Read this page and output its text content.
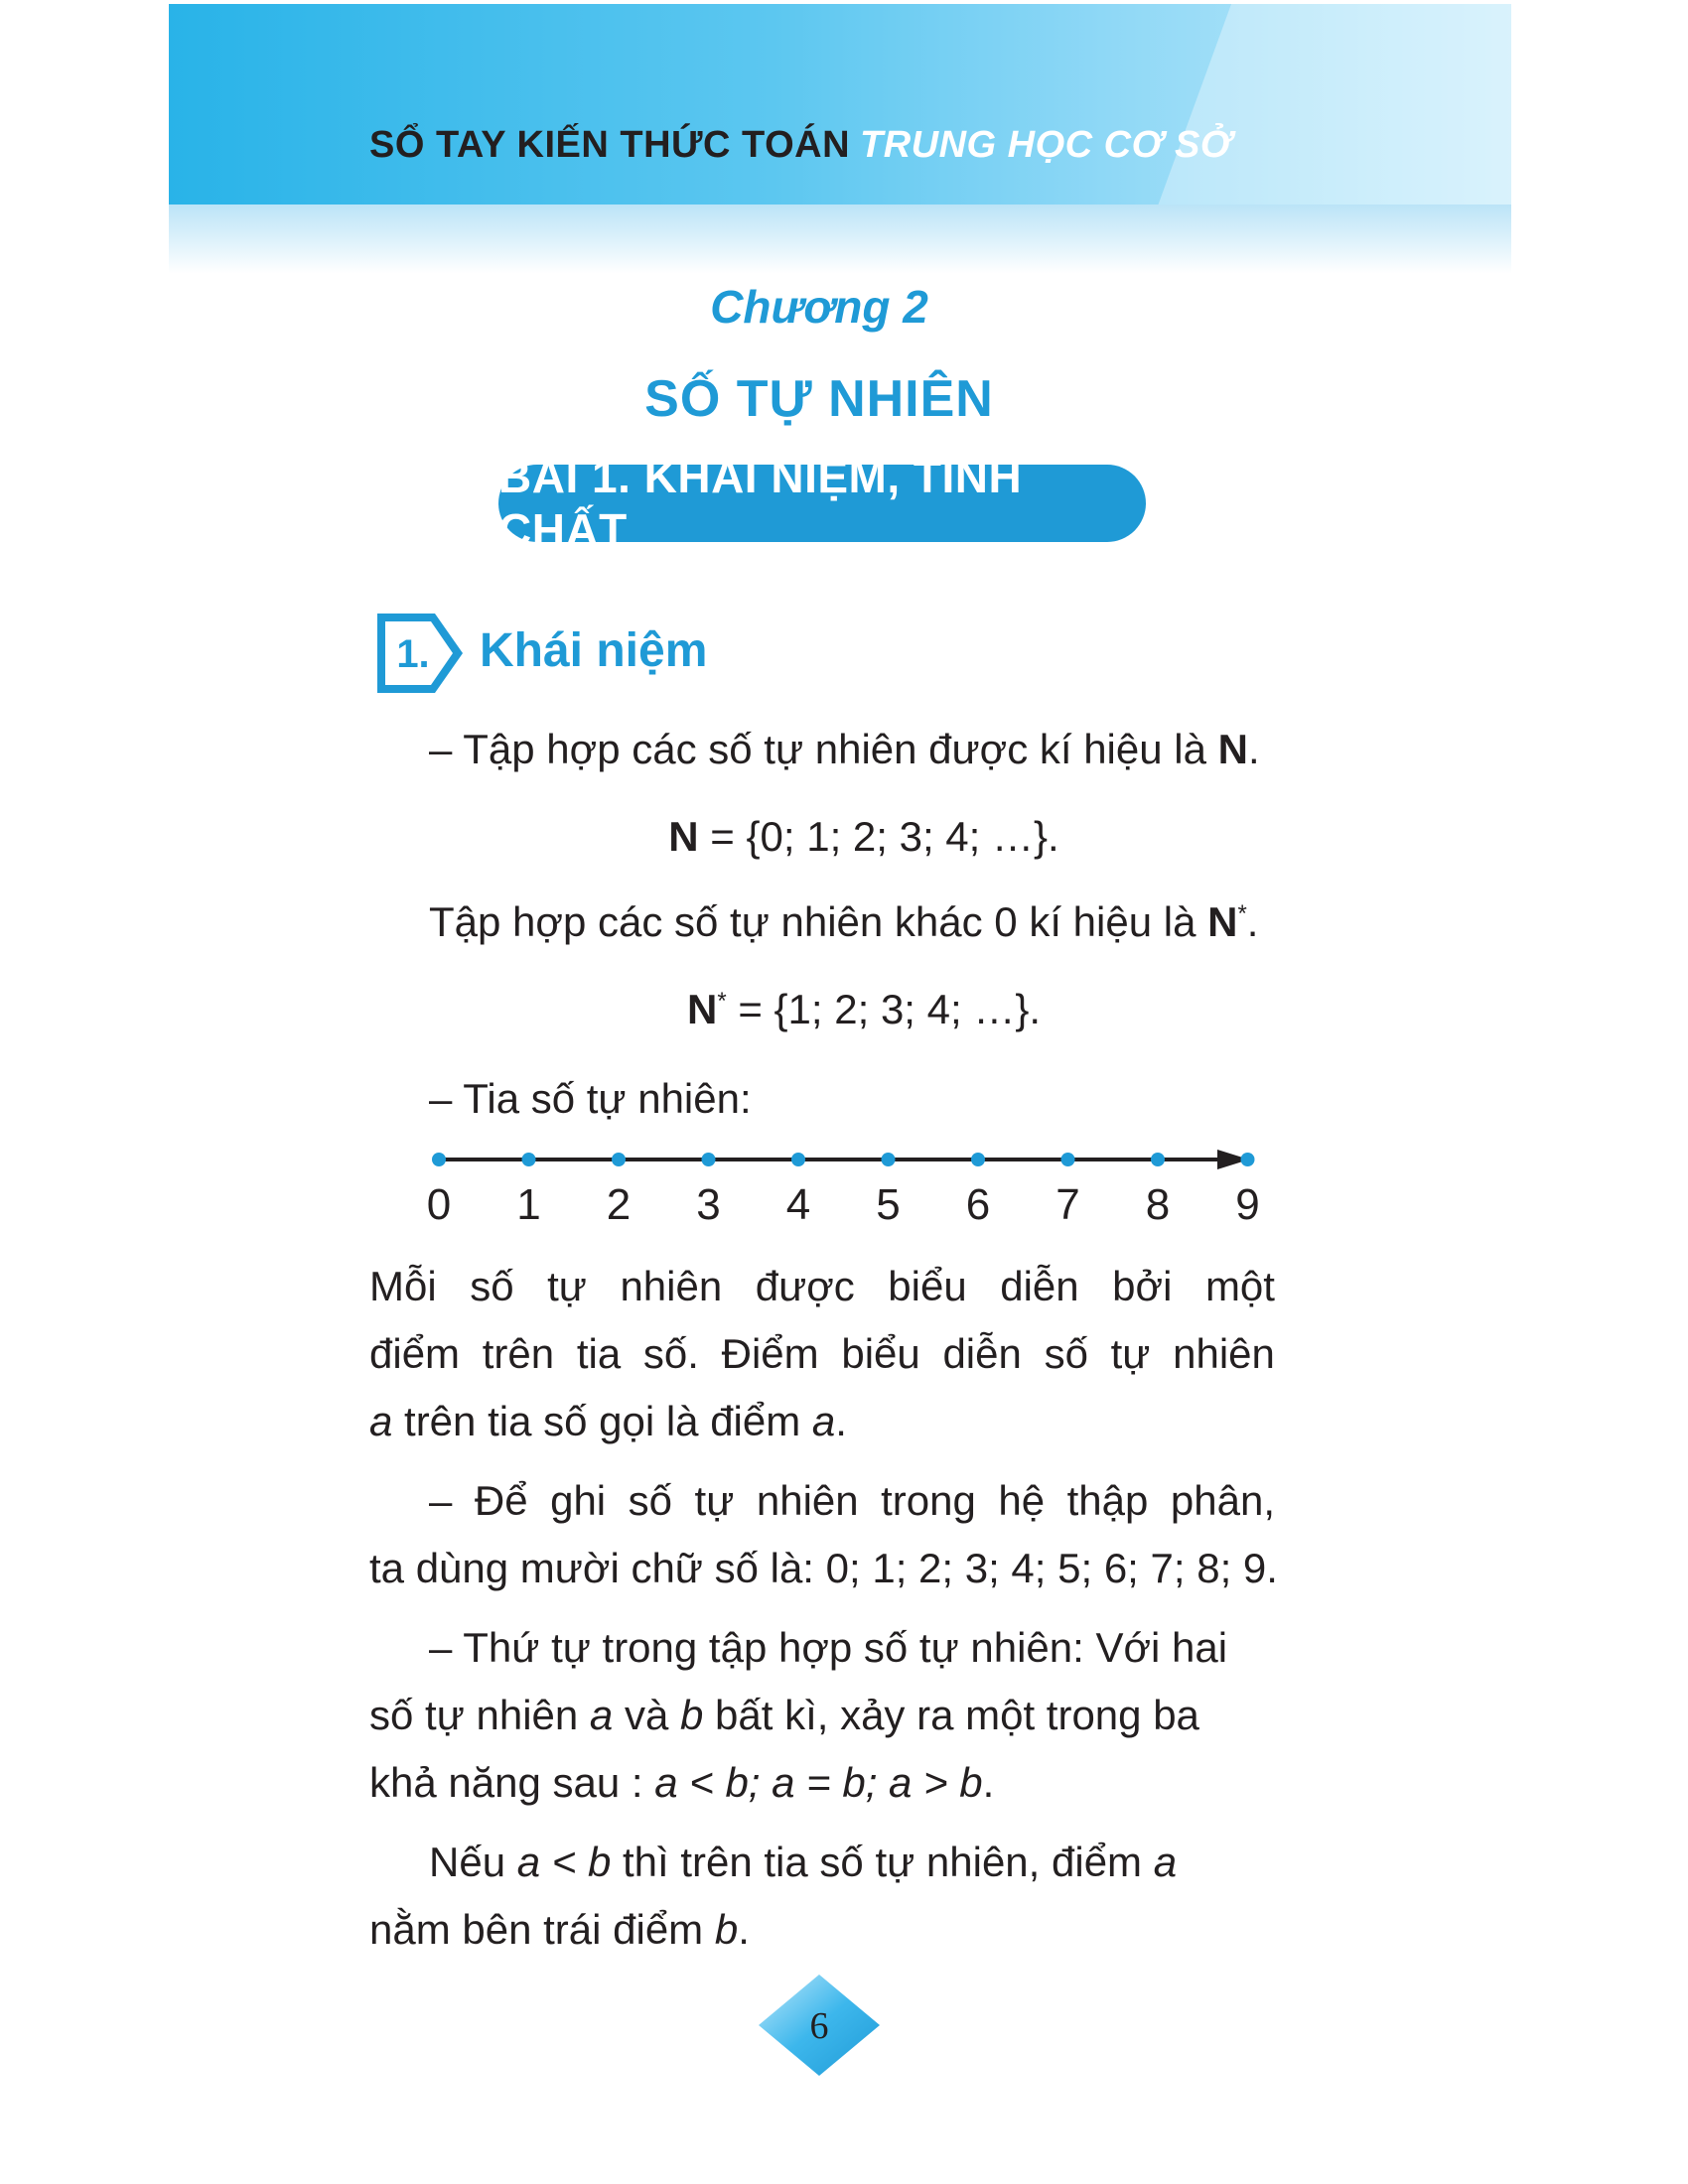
SỔ TAY KIẾN THỨC TOÁN TRUNG HỌC CƠ SỞ
Chương 2
SỐ TỰ NHIÊN
BÀI 1. KHÁI NIỆM, TÍNH CHẤT
1. Khái niệm
– Tập hợp các số tự nhiên được kí hiệu là N.
N = {0; 1; 2; 3; 4; …}.
Tập hợp các số tự nhiên khác 0 kí hiệu là N*.
N* = {1; 2; 3; 4; …}.
– Tia số tự nhiên:
0 1 2 3 4 5 6 7 8 9
Mỗi số tự nhiên được biểu diễn bởi một
điểm trên tia số. Điểm biểu diễn số tự nhiên
a trên tia số gọi là điểm a.
– Để ghi số tự nhiên trong hệ thập phân,
ta dùng mười chữ số là: 0; 1; 2; 3; 4; 5; 6; 7; 8; 9.
– Thứ tự trong tập hợp số tự nhiên: Với hai
số tự nhiên a và b bất kì, xảy ra một trong ba
khả năng sau : a < b; a = b; a > b.
Nếu a < b thì trên tia số tự nhiên, điểm a
nằm bên trái điểm b.
6
